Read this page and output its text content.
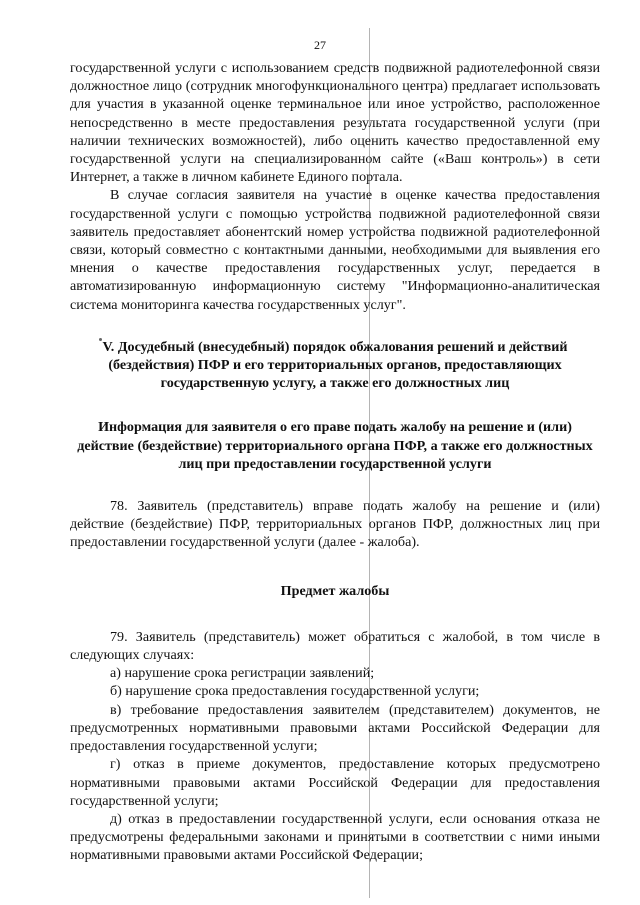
27

государственной услуги с использованием средств подвижной радиотелефонной связи должностное лицо (сотрудник многофункционального центра) предлагает использовать для участия в указанной оценке терминальное или иное устройство, расположенное непосредственно в месте предоставления результата государственной услуги (при наличии технических возможностей), либо оценить качество предоставленной ему государственной услуги на специализированном сайте («Ваш контроль») в сети Интернет, а также в личном кабинете Единого портала.

В случае согласия заявителя на участие в оценке качества предоставления государственной услуги с помощью устройства подвижной радиотелефонной связи заявитель предоставляет абонентский номер устройства подвижной радиотелефонной связи, который совместно с контактными данными, необходимыми для выявления его мнения о качестве предоставления государственных услуг, передается в автоматизированную информационную систему "Информационно-аналитическая система мониторинга качества государственных услуг".

V. Досудебный (внесудебный) порядок обжалования решений и действий (бездействия) ПФР и его территориальных органов, предоставляющих государственную услугу, а также его должностных лиц
Информация для заявителя о его праве подать жалобу на решение и (или) действие (бездействие) территориального органа ПФР, а также его должностных лиц при предоставлении государственной услуги

78. Заявитель (представитель) вправе подать жалобу на решение и (или) действие (бездействие) ПФР, территориальных органов ПФР, должностных лиц при предоставлении государственной услуги (далее - жалоба).

Предмет жалобы

79. Заявитель (представитель) может обратиться с жалобой, в том числе в следующих случаях:

а) нарушение срока регистрации заявлений;

б) нарушение срока предоставления государственной услуги;

в) требование предоставления заявителем (представителем) документов, не предусмотренных нормативными правовыми актами Российской Федерации для предоставления государственной услуги;

г) отказ в приеме документов, предоставление которых предусмотрено нормативными правовыми актами Российской Федерации для предоставления государственной услуги;

д) отказ в предоставлении государственной услуги, если основания отказа не предусмотрены федеральными законами и принятыми в соответствии с ними иными нормативными правовыми актами Российской Федерации;
